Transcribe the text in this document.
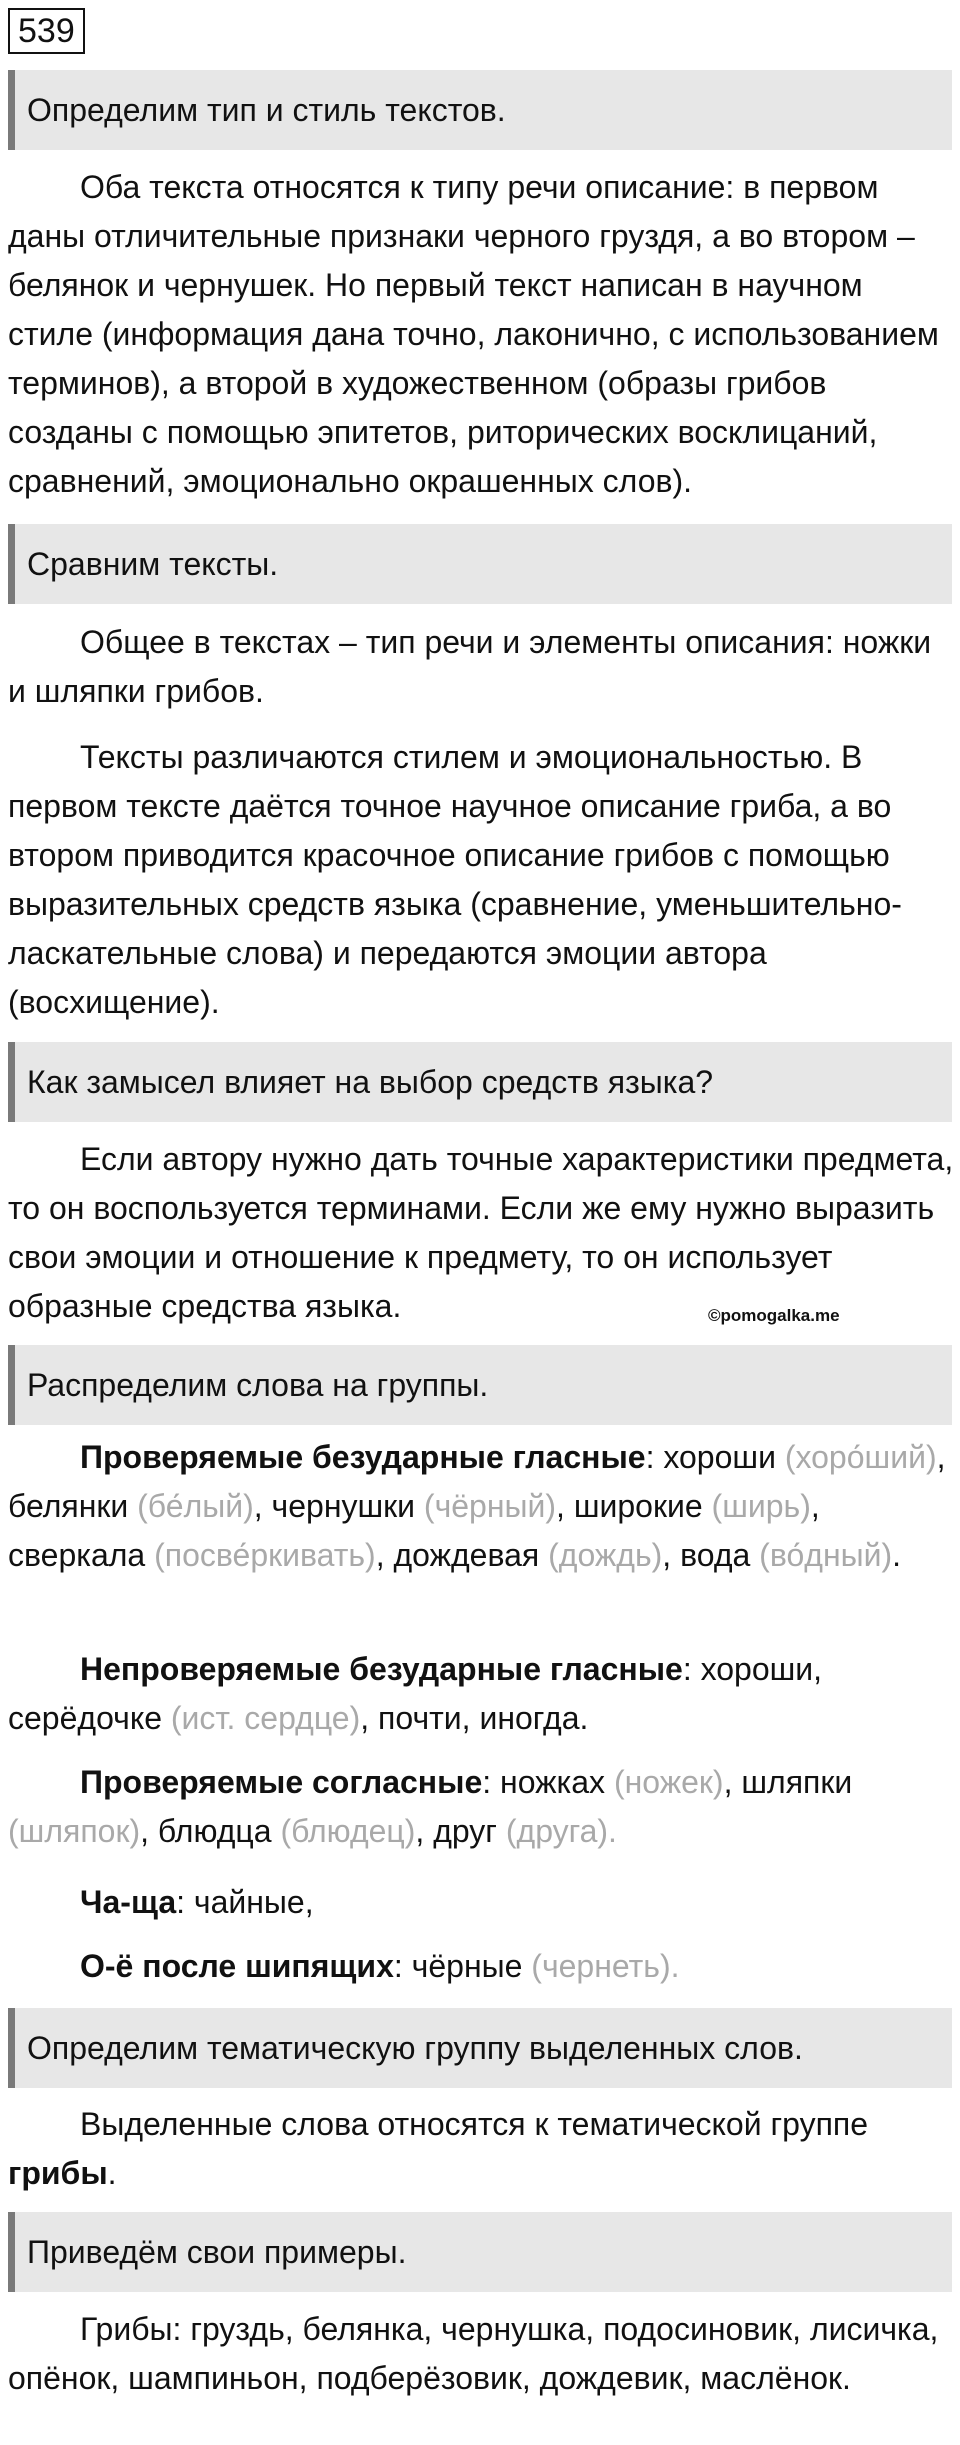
539
Определим тип и стиль текстов.

Оба текста относятся к типу речи описание: в первом даны отличительные признаки черного груздя, а во втором – белянок и чернушек. Но первый текст написан в научном стиле (информация дана точно, лаконично, с использованием терминов), а второй в художественном (образы грибов созданы с помощью эпитетов, риторических восклицаний, сравнений, эмоционально окрашенных слов).

Сравним тексты.

Общее в текстах – тип речи и элементы описания: ножки и шляпки грибов.

Тексты различаются стилем и эмоциональностью. В первом тексте даётся точное научное описание гриба, а во втором приводится красочное описание грибов с помощью выразительных средств языка (сравнение, уменьшительно-ласкательные слова) и передаются эмоции автора (восхищение).

Как замысел влияет на выбор средств языка?

Если автору нужно дать точные характеристики предмета, то он воспользуется терминами. Если же ему нужно выразить свои эмоции и отношение к предмету, то он использует образные средства языка.	©pomogalka.me
Распределим слова на группы.

Проверяемые безударные гласные: хороши (хоро́ший), белянки (бе́лый), чернушки (чёрный), широкие (ширь), сверкала (посве́ркивать), дождевая (дождь), вода (во́дный).

Непроверяемые безударные гласные: хороши, серёдочке (ист. сердце), почти, иногда.

Проверяемые согласные: ножках (ножек), шляпки (шляпок), блюдца (блюдец), друг (друга).

Ча-ща: чайные,

О-ё после шипящих: чёрные (чернеть).

Определим тематическую группу выделенных слов.

Выделенные слова относятся к тематической группе грибы.

Приведём свои примеры.

Грибы: груздь, белянка, чернушка, подосиновик, лисичка, опёнок, шампиньон, подберёзовик, дождевик, маслёнок.
